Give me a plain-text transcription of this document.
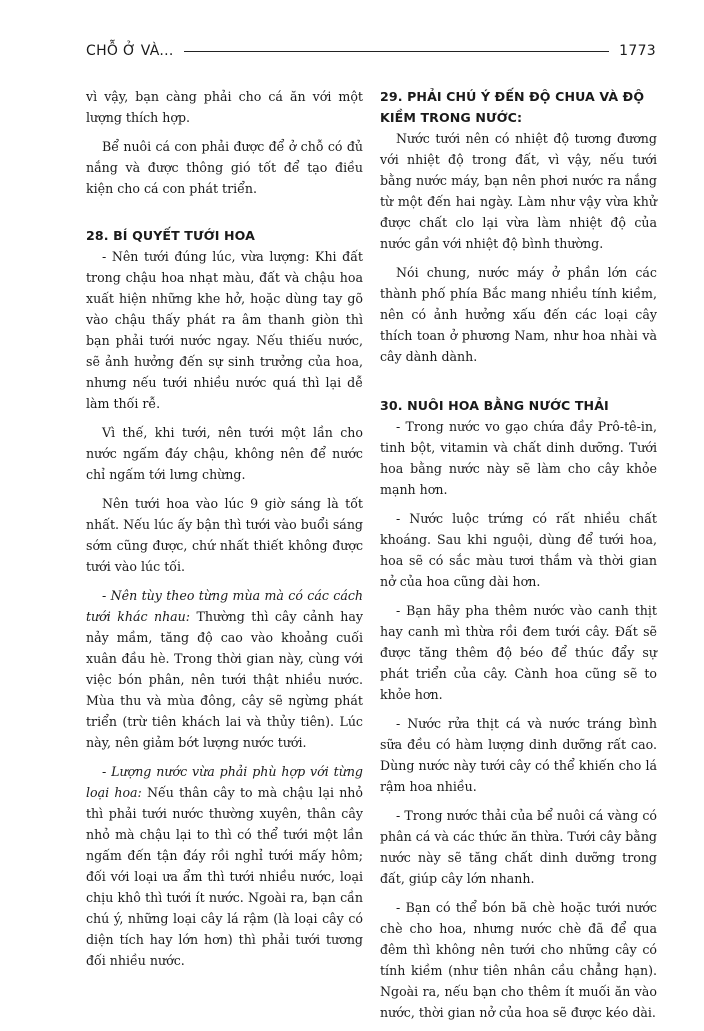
CHỖ Ở VÀ...	1773

vì vậy, bạn càng phải cho cá ăn với một lượng thích hợp.

Bể nuôi cá con phải được để ở chỗ có đủ nắng và được thông gió tốt để tạo điều kiện cho cá con phát triển.

28. BÍ QUYẾT TƯỚI HOA

- Nên tưới đúng lúc, vừa lượng: Khi đất trong chậu hoa nhạt màu, đất và chậu hoa xuất hiện những khe hở, hoặc dùng tay gõ vào chậu thấy phát ra âm thanh giòn thì bạn phải tưới nước ngay. Nếu thiếu nước, sẽ ảnh hưởng đến sự sinh trưởng của hoa, nhưng nếu tưới nhiều nước quá thì lại dễ làm thối rễ.

Vì thế, khi tưới, nên tưới một lần cho nước ngấm đáy chậu, không nên để nước chỉ ngấm tới lưng chừng.

Nên tưới hoa vào lúc 9 giờ sáng là tốt nhất. Nếu lúc ấy bận thì tưới vào buổi sáng sớm cũng được, chứ nhất thiết không được tưới vào lúc tối.

- Nên tùy theo từng mùa mà có các cách tưới khác nhau: Thường thì cây cảnh hay nảy mầm, tăng độ cao vào khoảng cuối xuân đầu hè. Trong thời gian này, cùng với việc bón phân, nên tưới thật nhiều nước. Mùa thu và mùa đông, cây sẽ ngừng phát triển (trừ tiên khách lai và thủy tiên). Lúc này, nên giảm bớt lượng nước tưới.

- Lượng nước vừa phải phù hợp với từng loại hoa: Nếu thân cây to mà chậu lại nhỏ thì phải tưới nước thường xuyên, thân cây nhỏ mà chậu lại to thì có thể tưới một lần ngấm đến tận đáy rồi nghỉ tưới mấy hôm; đối với loại ưa ẩm thì tưới nhiều nước, loại chịu khô thì tưới ít nước. Ngoài ra, bạn cần chú ý, những loại cây lá rậm (là loại cây có diện tích hay lớn hơn) thì phải tưới tương đối nhiều nước.

29. PHẢI CHÚ Ý ĐẾN ĐỘ CHUA VÀ ĐỘ KIỀM TRONG NƯỚC:

Nước tưới nên có nhiệt độ tương đương với nhiệt độ trong đất, vì vậy, nếu tưới bằng nước máy, bạn nên phơi nước ra nắng từ một đến hai ngày. Làm như vậy vừa khử được chất clo lại vừa làm nhiệt độ của nước gần với nhiệt độ bình thường.

Nói chung, nước máy ở phần lớn các thành phố phía Bắc mang nhiều tính kiềm, nên có ảnh hưởng xấu đến các loại cây thích toan ở phương Nam, như hoa nhài và cây dành dành.

30. NUÔI HOA BẰNG NƯỚC THẢI

- Trong nước vo gạo chứa đầy Prô-tê-in, tinh bột, vitamin và chất dinh dưỡng. Tưới hoa bằng nước này sẽ làm cho cây khỏe mạnh hơn.

- Nước luộc trứng có rất nhiều chất khoáng. Sau khi nguội, dùng để tưới hoa, hoa sẽ có sắc màu tươi thắm và thời gian nở của hoa cũng dài hơn.

- Bạn hãy pha thêm nước vào canh thịt hay canh mì thừa rồi đem tưới cây. Đất sẽ được tăng thêm độ béo để thúc đẩy sự phát triển của cây. Cành hoa cũng sẽ to khỏe hơn.

- Nước rửa thịt cá và nước tráng bình sữa đều có hàm lượng dinh dưỡng rất cao. Dùng nước này tưới cây có thể khiến cho lá rậm hoa nhiều.

- Trong nước thải của bể nuôi cá vàng có phân cá và các thức ăn thừa. Tưới cây bằng nước này sẽ tăng chất dinh dưỡng trong đất, giúp cây lớn nhanh.

- Bạn có thể bón bã chè hoặc tưới nước chè cho hoa, nhưng nước chè đã để qua đêm thì không nên tưới cho những cây có tính kiềm (như tiên nhân cầu chẳng hạn). Ngoài ra, nếu bạn cho thêm ít muối ăn vào nước, thời gian nở của hoa sẽ được kéo dài.
